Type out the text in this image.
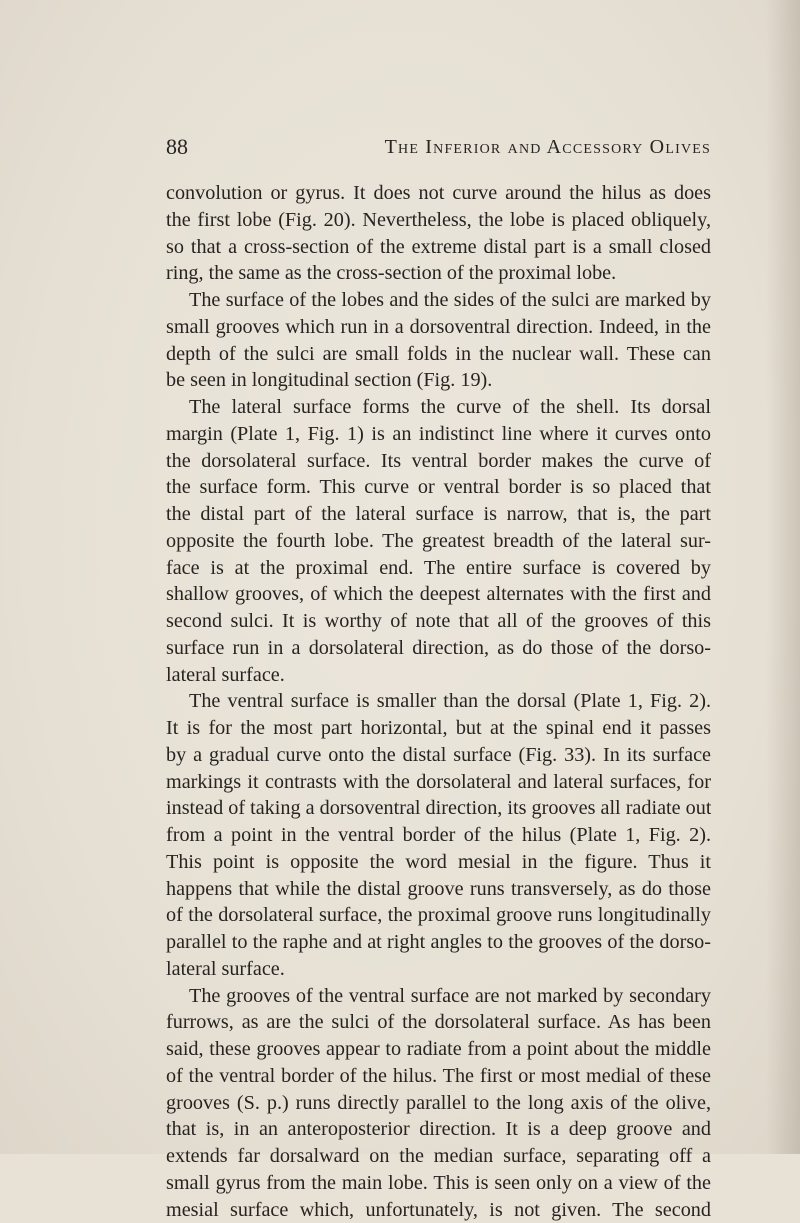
88	The Inferior and Accessory Olives
convolution or gyrus. It does not curve around the hilus as does
the first lobe (Fig. 20). Nevertheless, the lobe is placed obliquely,
so that a cross-section of the extreme distal part is a small closed
ring, the same as the cross-section of the proximal lobe.
The surface of the lobes and the sides of the sulci are marked by
small grooves which run in a dorsoventral direction. Indeed, in the
depth of the sulci are small folds in the nuclear wall. These can
be seen in longitudinal section (Fig. 19).
The lateral surface forms the curve of the shell. Its dorsal
margin (Plate 1, Fig. 1) is an indistinct line where it curves onto
the dorsolateral surface. Its ventral border makes the curve of
the surface form. This curve or ventral border is so placed that
the distal part of the lateral surface is narrow, that is, the part
opposite the fourth lobe. The greatest breadth of the lateral sur-
face is at the proximal end. The entire surface is covered by
shallow grooves, of which the deepest alternates with the first and
second sulci. It is worthy of note that all of the grooves of this
surface run in a dorsolateral direction, as do those of the dorso-
lateral surface.
The ventral surface is smaller than the dorsal (Plate 1, Fig. 2).
It is for the most part horizontal, but at the spinal end it passes
by a gradual curve onto the distal surface (Fig. 33). In its surface
markings it contrasts with the dorsolateral and lateral surfaces, for
instead of taking a dorsoventral direction, its grooves all radiate out
from a point in the ventral border of the hilus (Plate 1, Fig. 2).
This point is opposite the word mesial in the figure. Thus it
happens that while the distal groove runs transversely, as do those
of the dorsolateral surface, the proximal groove runs longitudinally
parallel to the raphe and at right angles to the grooves of the dorso-
lateral surface.
The grooves of the ventral surface are not marked by secondary
furrows, as are the sulci of the dorsolateral surface. As has been
said, these grooves appear to radiate from a point about the middle
of the ventral border of the hilus. The first or most medial of these
grooves (S. p.) runs directly parallel to the long axis of the olive,
that is, in an anteroposterior direction. It is a deep groove and
extends far dorsalward on the median surface, separating off a
small gyrus from the main lobe. This is seen only on a view of the
mesial surface which, unfortunately, is not given. The second
